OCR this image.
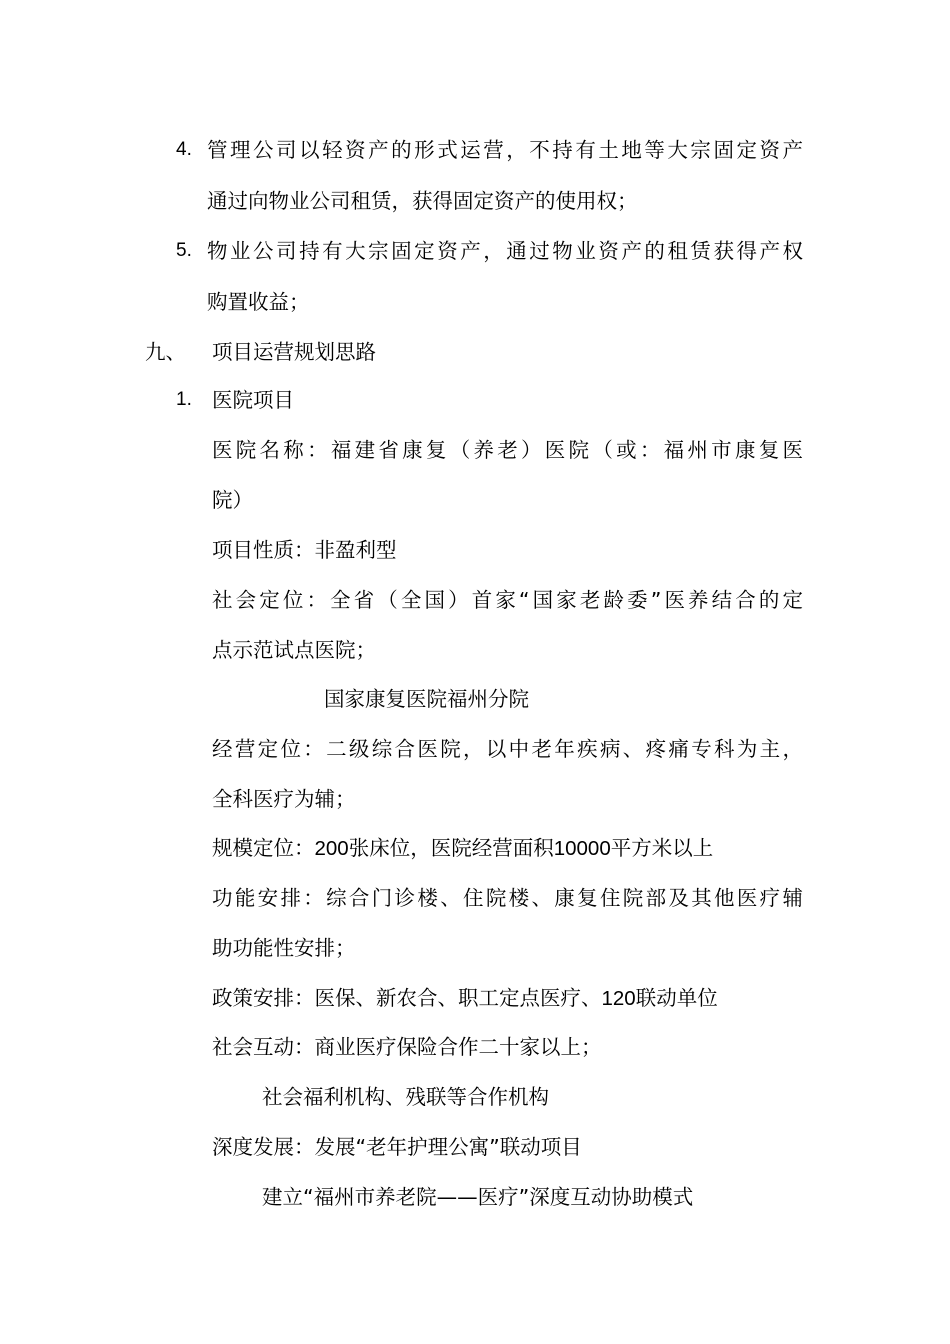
4. 管理公司以轻资产的形式运营，不持有土地等大宗固定资产
通过向物业公司租赁，获得固定资产的使用权；
5. 物业公司持有大宗固定资产，通过物业资产的租赁获得产权
购置收益；
九、 项目运营规划思路
1. 医院项目
医院名称：福建省康复（养老）医院（或：福州市康复医
院）
项目性质：非盈利型
社会定位：全省（全国）首家“国家老龄委”医养结合的定
点示范试点医院；
国家康复医院福州分院
经营定位：二级综合医院，以中老年疾病、疼痛专科为主，
全科医疗为辅；
规模定位：200张床位，医院经营面积10000平方米以上
功能安排：综合门诊楼、住院楼、康复住院部及其他医疗辅
助功能性安排；
政策安排：医保、新农合、职工定点医疗、120联动单位
社会互动：商业医疗保险合作二十家以上；
社会福利机构、残联等合作机构
深度发展：发展“老年护理公寓”联动项目
建立“福州市养老院——医疗”深度互动协助模式
